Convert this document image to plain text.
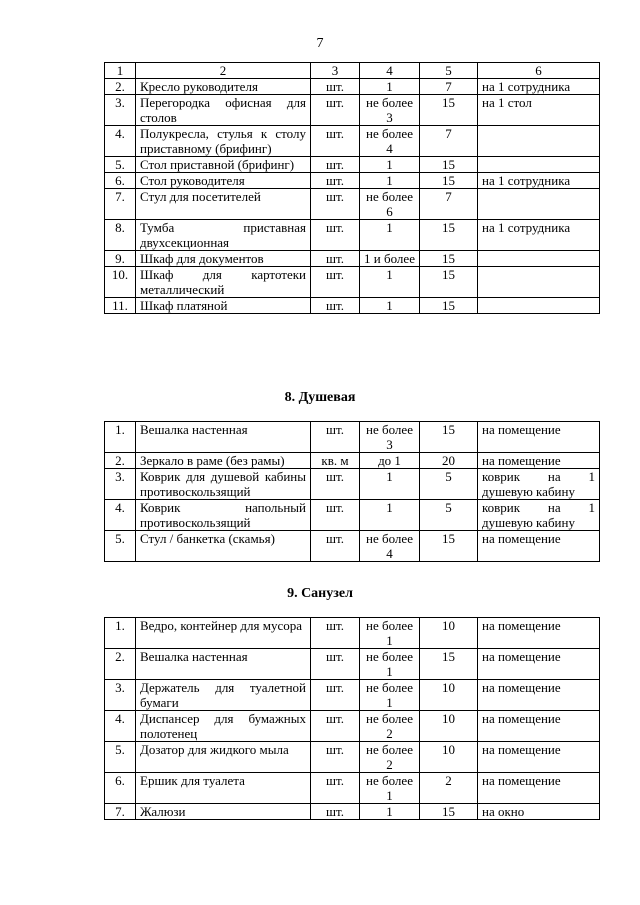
7
1	2	3	4	5	6
2.	Кресло руководителя	шт.	1	7	на 1 сотрудника
3.	Перегородка офисная для столов	шт.	не более 3	15	на 1 стол
4.	Полукресла, стулья к столу приставному (брифинг)	шт.	не более 4	7	
5.	Стол приставной (брифинг)	шт.	1	15	
6.	Стол руководителя	шт.	1	15	на 1 сотрудника
7.	Стул для посетителей	шт.	не более 6	7	
8.	Тумба приставная двухсекционная	шт.	1	15	на 1 сотрудника
9.	Шкаф для документов	шт.	1 и более	15	
10.	Шкаф для картотеки металлический	шт.	1	15	
11.	Шкаф платяной	шт.	1	15	
8. Душевая
1.	Вешалка настенная	шт.	не более 3	15	на помещение
2.	Зеркало в раме (без рамы)	кв. м	до 1	20	на помещение
3.	Коврик для душевой кабины противоскользящий	шт.	1	5	коврик на 1 душевую кабину
4.	Коврик напольный противоскользящий	шт.	1	5	коврик на 1 душевую кабину
5.	Стул / банкетка (скамья)	шт.	не более 4	15	на помещение
9. Санузел
1.	Ведро, контейнер для мусора	шт.	не более 1	10	на помещение
2.	Вешалка настенная	шт.	не более 1	15	на помещение
3.	Держатель для туалетной бумаги	шт.	не более 1	10	на помещение
4.	Диспансер для бумажных полотенец	шт.	не более 2	10	на помещение
5.	Дозатор для жидкого мыла	шт.	не более 2	10	на помещение
6.	Ершик для туалета	шт.	не более 1	2	на помещение
7.	Жалюзи	шт.	1	15	на окно
